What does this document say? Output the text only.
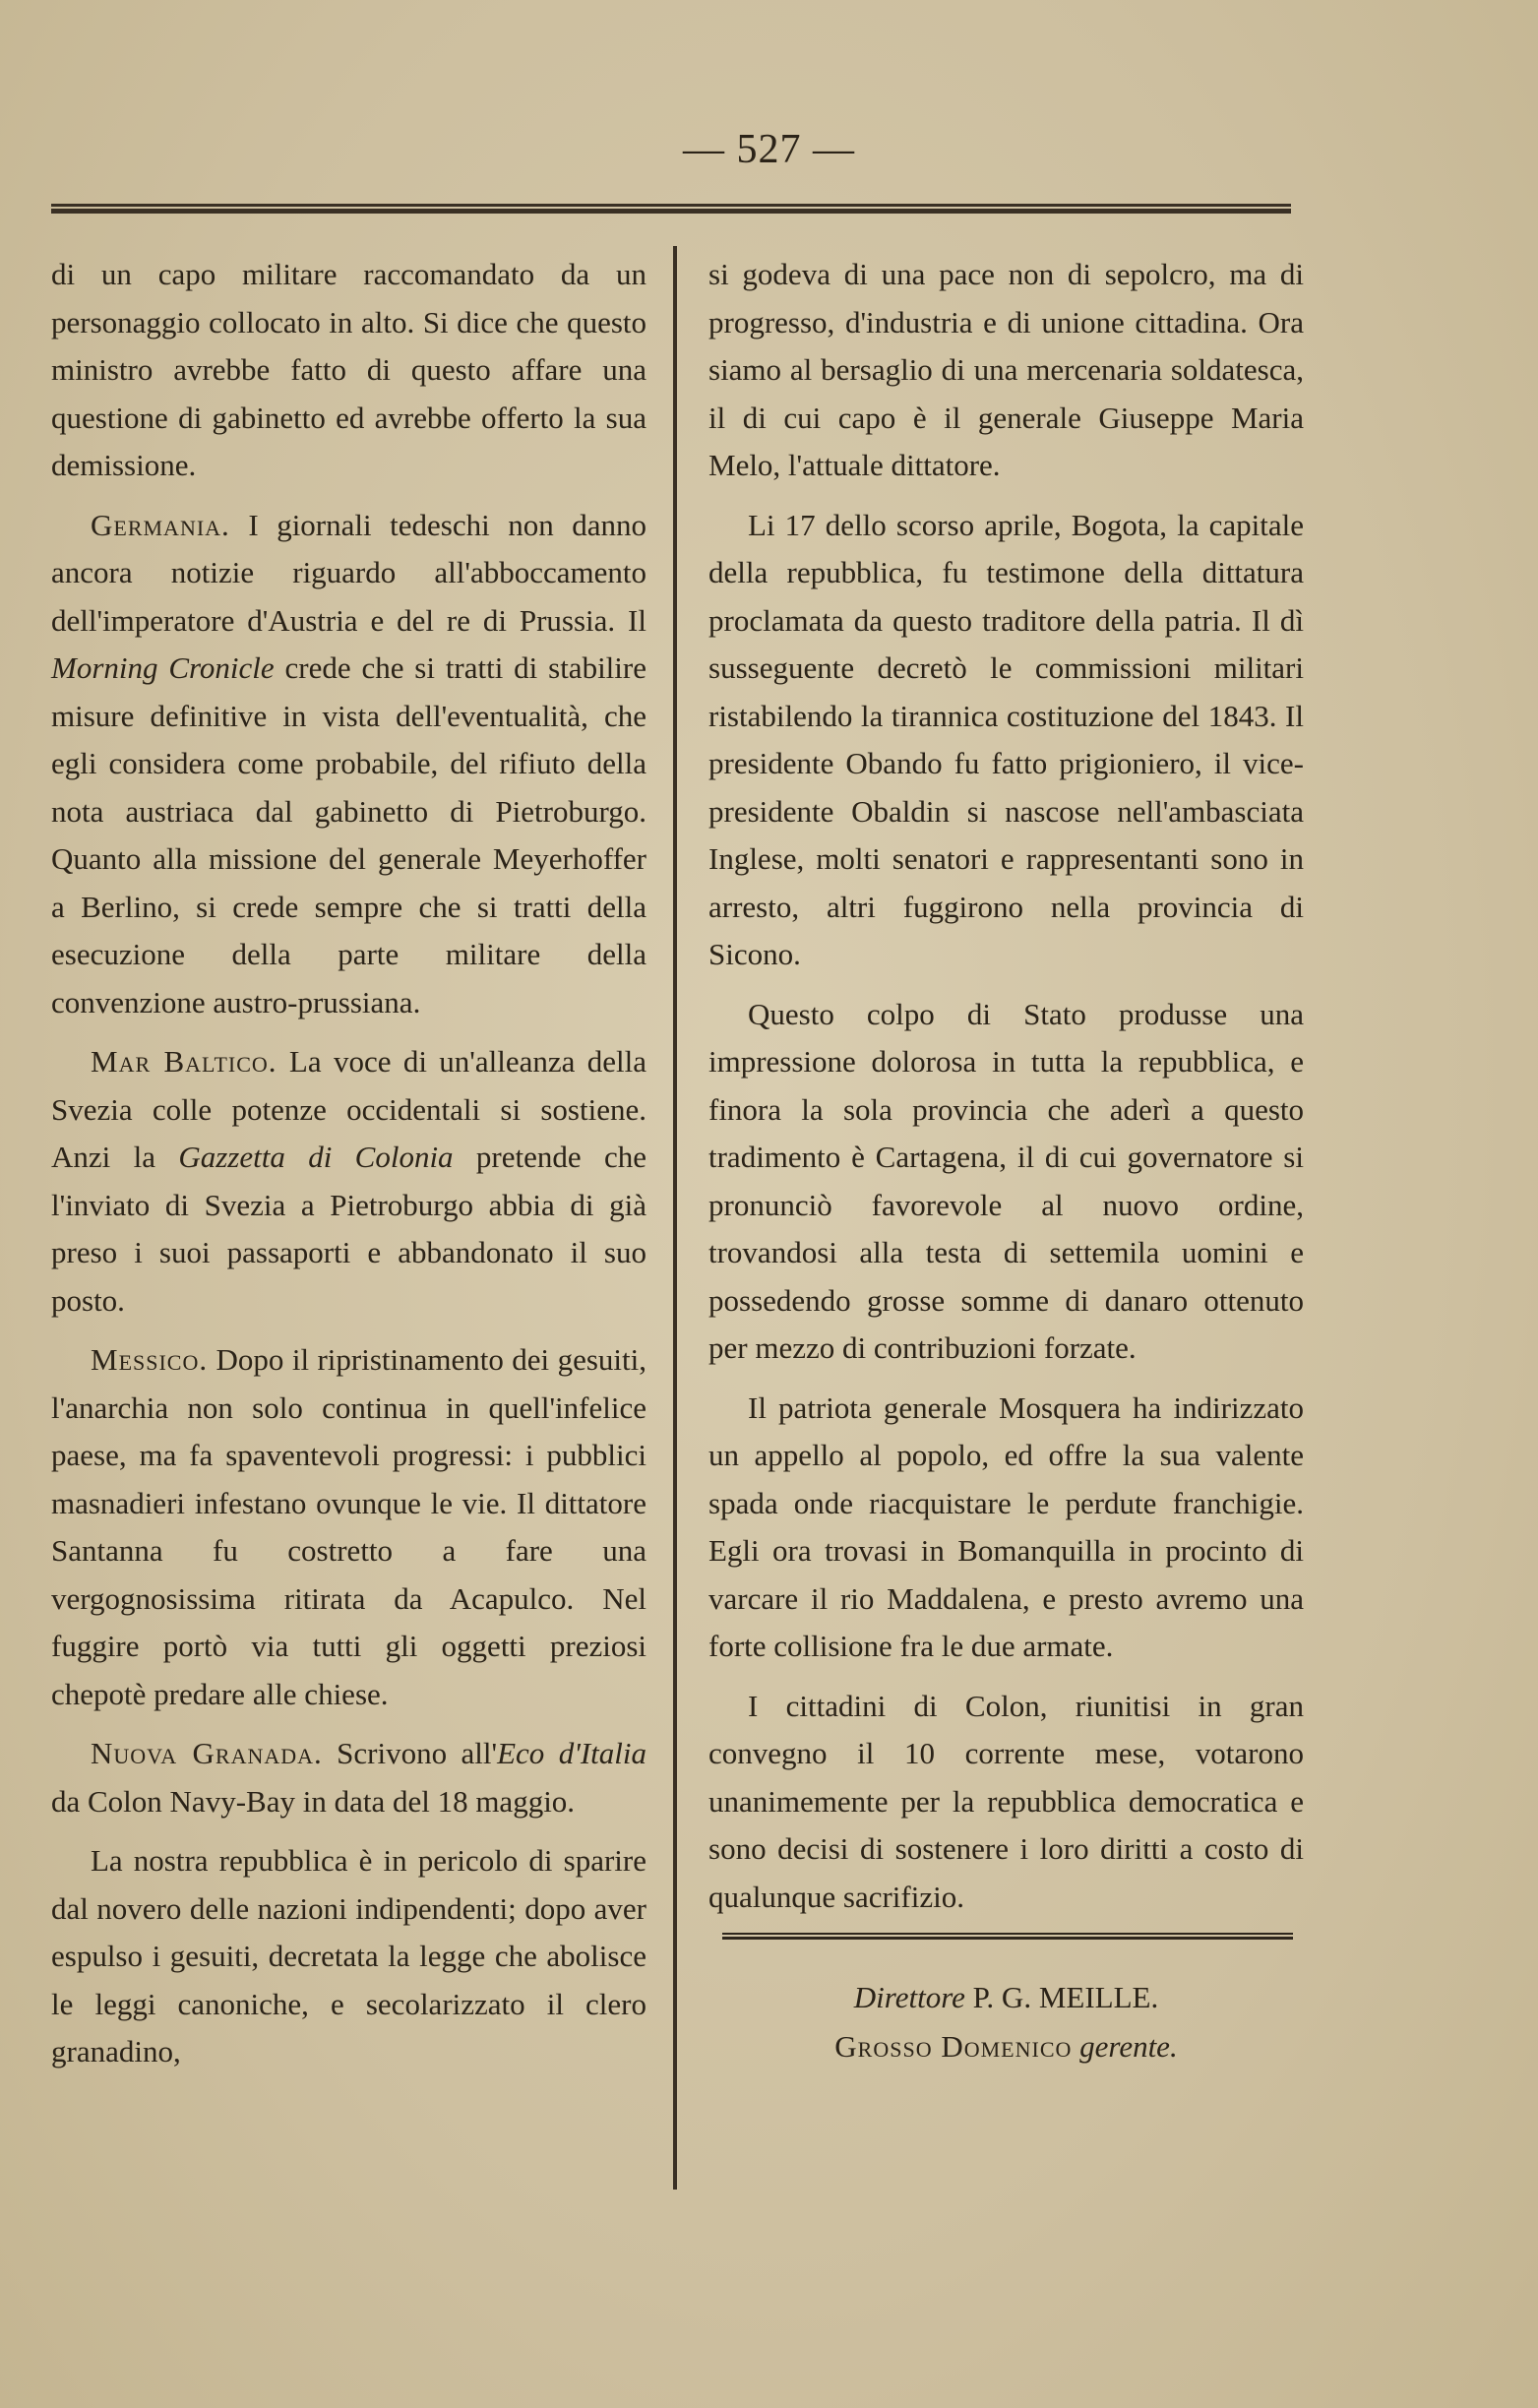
— 527 —

di un capo militare raccomandato da un personaggio collocato in alto. Si dice che questo ministro avrebbe fatto di questo affare una questione di gabinetto ed avrebbe offerto la sua demissione.

Germania. I giornali tedeschi non danno ancora notizie riguardo all'abboccamento dell'imperatore d'Austria e del re di Prussia. Il Morning Cronicle crede che si tratti di stabilire misure definitive in vista dell'eventualità, che egli considera come probabile, del rifiuto della nota austriaca dal gabinetto di Pietroburgo. Quanto alla missione del generale Meyerhoffer a Berlino, si crede sempre che si tratti della esecuzione della parte militare della convenzione austro-prussiana.

Mar Baltico. La voce di un'alleanza della Svezia colle potenze occidentali si sostiene. Anzi la Gazzetta di Colonia pretende che l'inviato di Svezia a Pietroburgo abbia di già preso i suoi passaporti e abbandonato il suo posto.

Messico. Dopo il ripristinamento dei gesuiti, l'anarchia non solo continua in quell'infelice paese, ma fa spaventevoli progressi: i pubblici masnadieri infestano ovunque le vie. Il dittatore Santanna fu costretto a fare una vergognosissima ritirata da Acapulco. Nel fuggire portò via tutti gli oggetti preziosi chepotè predare alle chiese.

Nuova Granada. Scrivono all'Eco d'Italia da Colon Navy-Bay in data del 18 maggio.

La nostra repubblica è in pericolo di sparire dal novero delle nazioni indipendenti; dopo aver espulso i gesuiti, decretata la legge che abolisce le leggi canoniche, e secolarizzato il clero granadino,

si godeva di una pace non di sepolcro, ma di progresso, d'industria e di unione cittadina. Ora siamo al bersaglio di una mercenaria soldatesca, il di cui capo è il generale Giuseppe Maria Melo, l'attuale dittatore.

Li 17 dello scorso aprile, Bogota, la capitale della repubblica, fu testimone della dittatura proclamata da questo traditore della patria. Il dì susseguente decretò le commissioni militari ristabilendo la tirannica costituzione del 1843. Il presidente Obando fu fatto prigioniero, il vice-presidente Obaldin si nascose nell'ambasciata Inglese, molti senatori e rappresentanti sono in arresto, altri fuggirono nella provincia di Sicono.

Questo colpo di Stato produsse una impressione dolorosa in tutta la repubblica, e finora la sola provincia che aderì a questo tradimento è Cartagena, il di cui governatore si pronunciò favorevole al nuovo ordine, trovandosi alla testa di settemila uomini e possedendo grosse somme di danaro ottenuto per mezzo di contribuzioni forzate.

Il patriota generale Mosquera ha indirizzato un appello al popolo, ed offre la sua valente spada onde riacquistare le perdute franchigie. Egli ora trovasi in Bomanquilla in procinto di varcare il rio Maddalena, e presto avremo una forte collisione fra le due armate.

I cittadini di Colon, riunitisi in gran convegno il 10 corrente mese, votarono unanimemente per la repubblica democratica e sono decisi di sostenere i loro diritti a costo di qualunque sacrifizio.

Direttore P. G. MEILLE.
Grosso Domenico gerente.
